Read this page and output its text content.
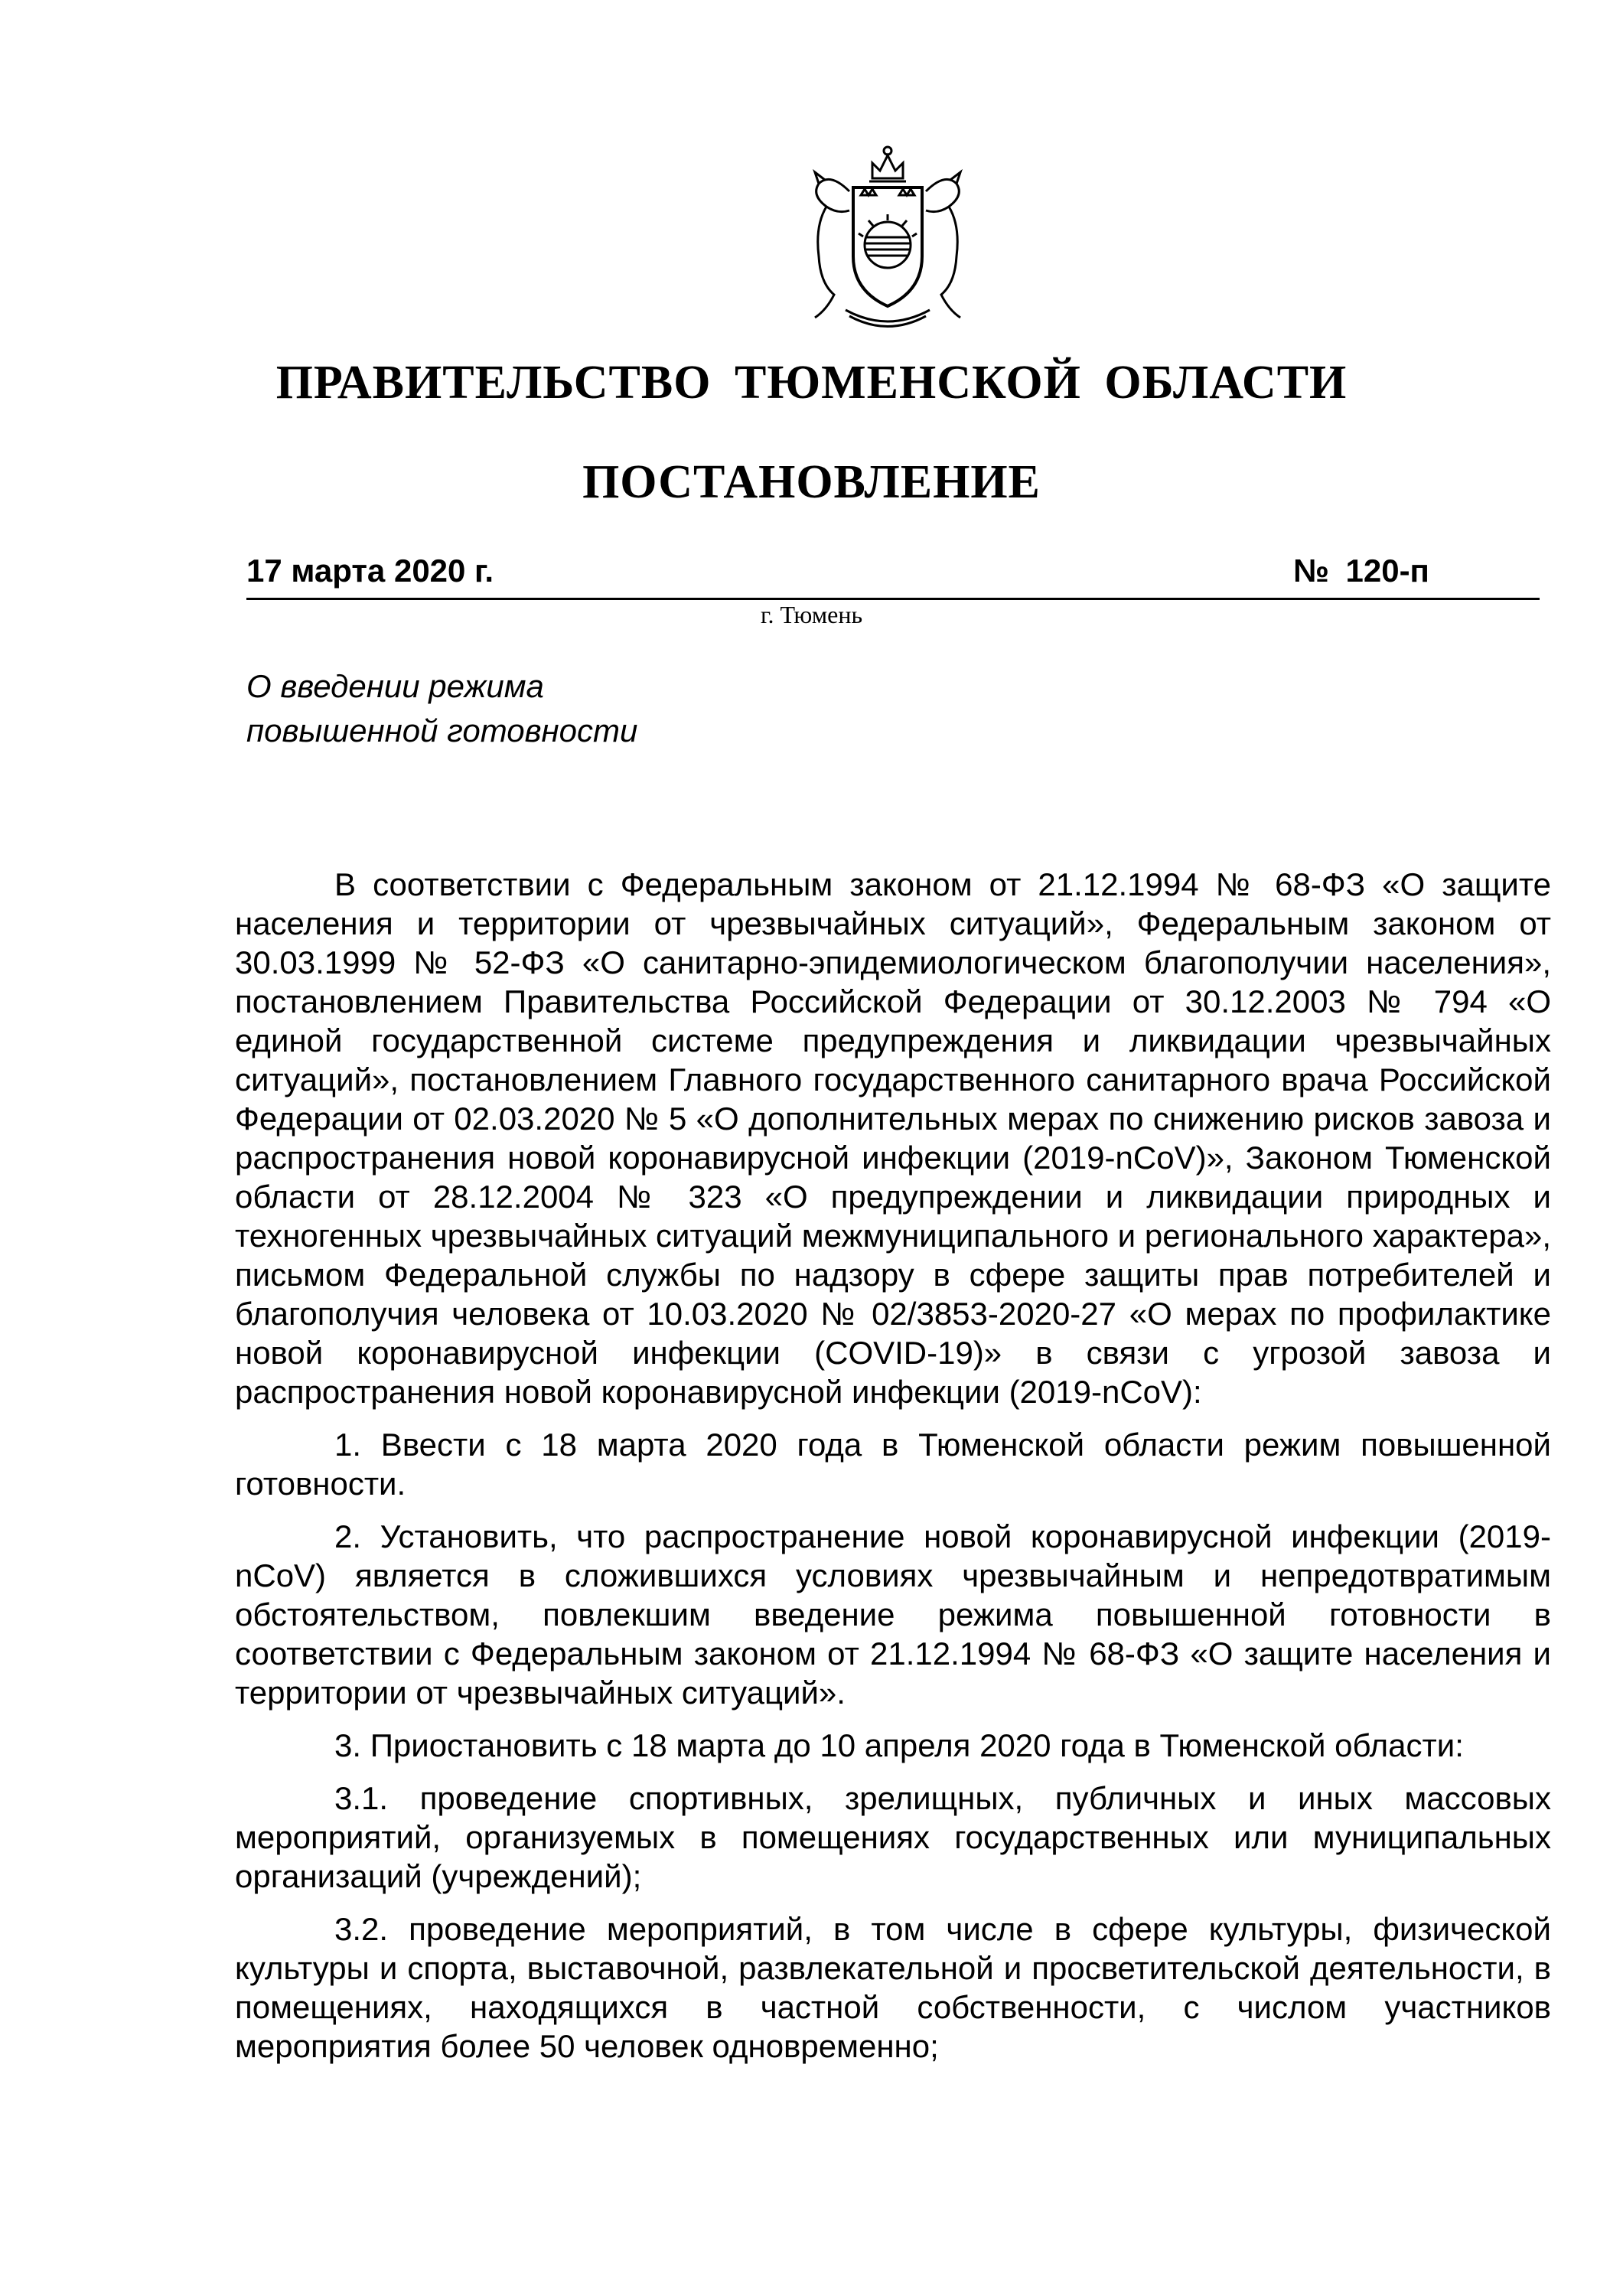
ПРАВИТЕЛЬСТВО ТЮМЕНСКОЙ ОБЛАСТИ
ПОСТАНОВЛЕНИЕ
17 марта 2020 г.	№ 120-п
г. Тюмень
О введении режима
повышенной готовности

В соответствии с Федеральным законом от 21.12.1994 № 68-ФЗ «О защите населения и территории от чрезвычайных ситуаций», Федеральным законом от 30.03.1999 № 52-ФЗ «О санитарно-эпидемиологическом благополучии населения», постановлением Правительства Российской Федерации от 30.12.2003 № 794 «О единой государственной системе предупреждения и ликвидации чрезвычайных ситуаций», постановлением Главного государственного санитарного врача Российской Федерации от 02.03.2020 № 5 «О дополнительных мерах по снижению рисков завоза и распространения новой коронавирусной инфекции (2019-nCoV)», Законом Тюменской области от 28.12.2004 № 323 «О предупреждении и ликвидации природных и техногенных чрезвычайных ситуаций межмуниципального и регионального характера», письмом Федеральной службы по надзору в сфере защиты прав потребителей и благополучия человека от 10.03.2020 № 02/3853-2020-27 «О мерах по профилактике новой коронавирусной инфекции (COVID-19)» в связи с угрозой завоза и распространения новой коронавирусной инфекции (2019-nCoV):

1. Ввести с 18 марта 2020 года в Тюменской области режим повышенной готовности.

2. Установить, что распространение новой коронавирусной инфекции (2019-nCoV) является в сложившихся условиях чрезвычайным и непредотвратимым обстоятельством, повлекшим введение режима повышенной готовности в соответствии с Федеральным законом от 21.12.1994 № 68-ФЗ «О защите населения и территории от чрезвычайных ситуаций».

3. Приостановить с 18 марта до 10 апреля 2020 года в Тюменской области:

3.1. проведение спортивных, зрелищных, публичных и иных массовых мероприятий, организуемых в помещениях государственных или муниципальных организаций (учреждений);

3.2. проведение мероприятий, в том числе в сфере культуры, физической культуры и спорта, выставочной, развлекательной и просветительской деятельности, в помещениях, находящихся в частной собственности, с числом участников мероприятия более 50 человек одновременно;
